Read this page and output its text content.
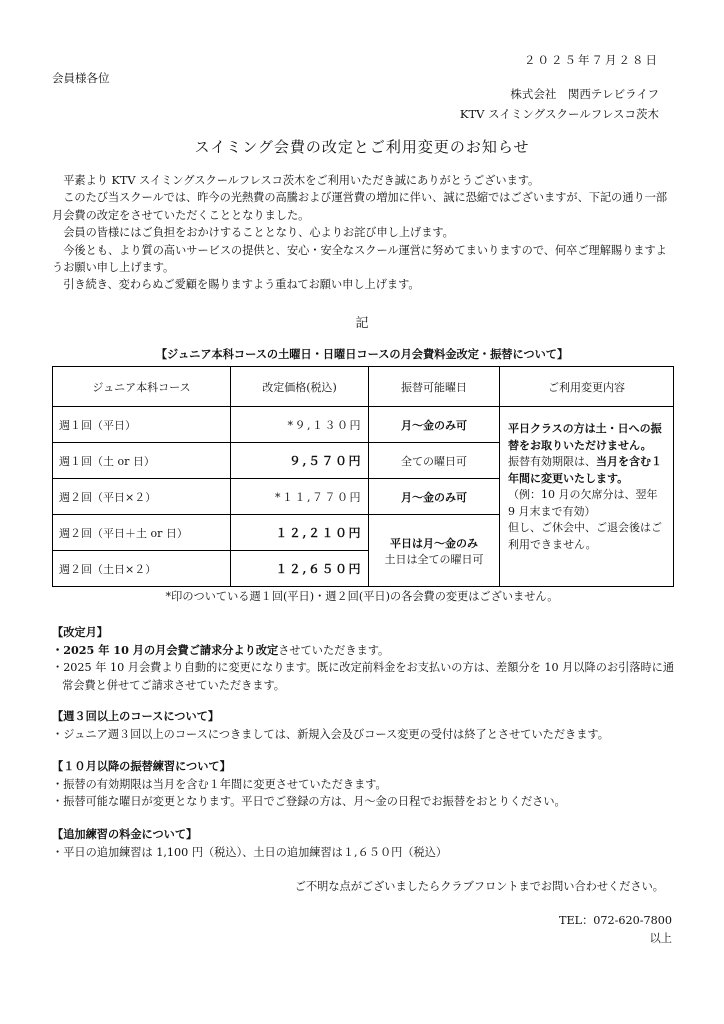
２０２５年７月２８日
会員様各位
株式会社　関西テレビライフ
KTV スイミングスクールフレスコ茨木
スイミング会費の改定とご利用変更のお知らせ

平素より KTV スイミングスクールフレスコ茨木をご利用いただき誠にありがとうございます。

このたび当スクールでは、昨今の光熱費の高騰および運営費の増加に伴い、誠に恐縮ではございますが、下記の通り一部月会費の改定をさせていただくこととなりました。

会員の皆様にはご負担をおかけすることとなり、心よりお詫び申し上げます。

今後とも、より質の高いサービスの提供と、安心・安全なスクール運営に努めてまいりますので、何卒ご理解賜りますようお願い申し上げます。

引き続き、変わらぬご愛顧を賜りますよう重ねてお願い申し上げます。

記
【ジュニア本科コースの土曜日・日曜日コースの月会費料金改定・振替について】
ジュニア本科コース	改定価格(税込)	振替可能曜日	ご利用変更内容
週１回（平日）	*９,１３０円	月～金のみ可	平日クラスの方は土・日への振替をお取りいただけません。
振替有効期限は、当月を含む１年間に変更いたします。
（例：10 月の欠席分は、翌年 9 月末まで有効）
但し、ご休会中、ご退会後はご利用できません。
週１回（土 or 日）	９,５７０円	全ての曜日可	
週２回（平日×２）	*１１,７７０円	月～金のみ可	
週２回（平日＋土 or 日）	１２,２１０円	平日は月～金のみ
土日は全ての曜日可	
週２回（土日×２）	１２,６５０円		
*印のついている週１回(平日)・週２回(平日)の各会費の変更はございません。
【改定月】

・2025 年 10 月の月会費ご請求分より改定させていただきます。

・2025 年 10 月会費より自動的に変更になります。既に改定前料金をお支払いの方は、差額分を 10 月以降のお引落時に通常会費と併せてご請求させていただきます。

【週３回以上のコースについて】

・ジュニア週３回以上のコースにつきましては、新規入会及びコース変更の受付は終了とさせていただきます。

【１０月以降の振替練習について】

・振替の有効期限は当月を含む１年間に変更させていただきます。

・振替可能な曜日が変更となります。平日でご登録の方は、月～金の日程でお振替をおとりください。

【追加練習の料金について】

・平日の追加練習は 1,100 円（税込）、土日の追加練習は１,６５０円（税込）

ご不明な点がございましたらクラブフロントまでお問い合わせください。
TEL：072-620-7800
以上
